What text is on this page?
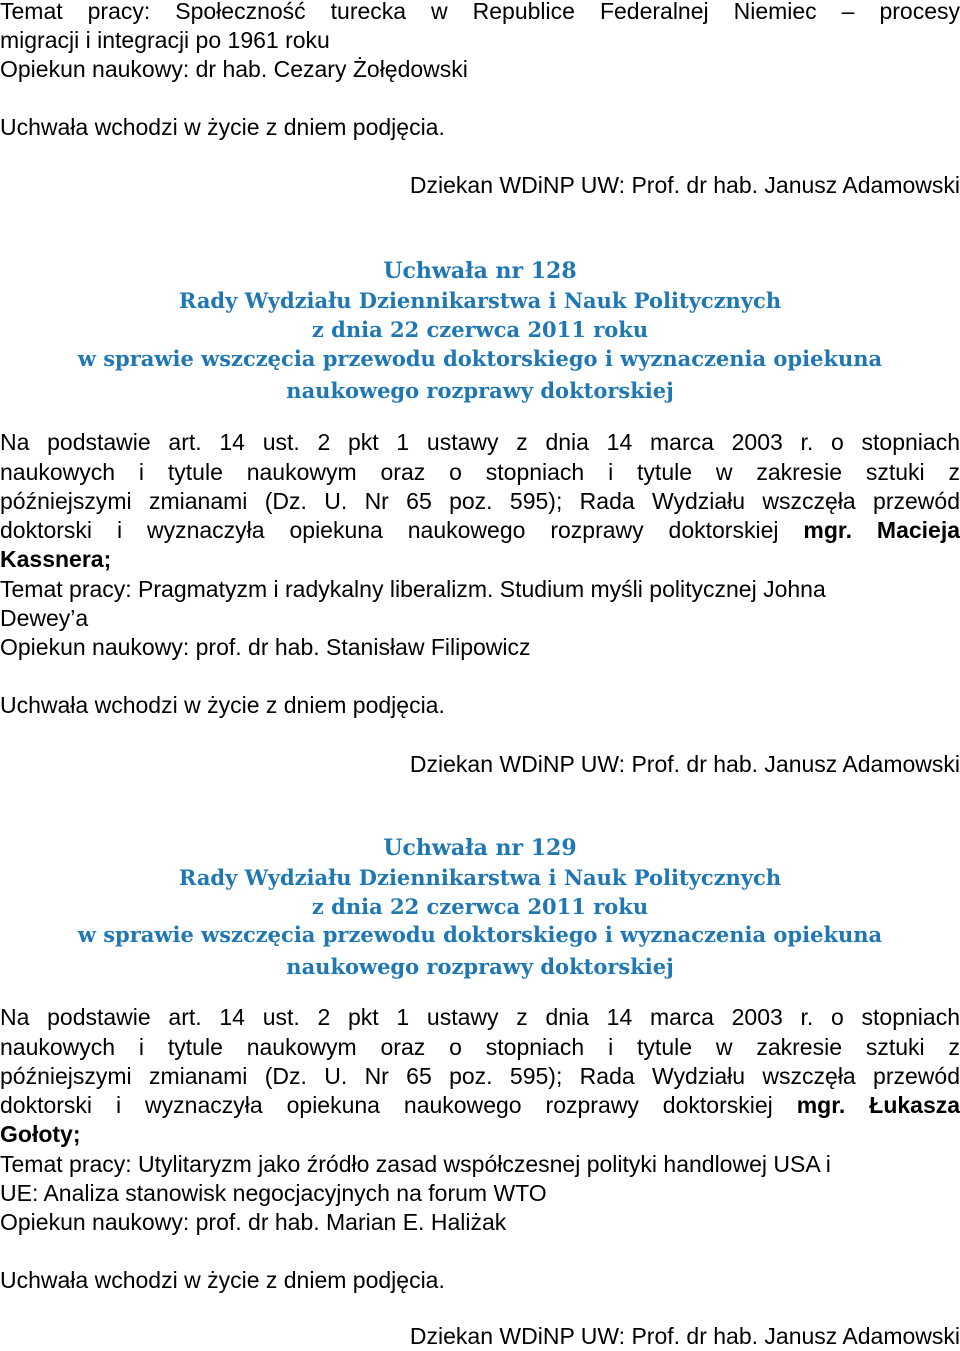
Temat pracy: Społeczność turecka w Republice Federalnej Niemiec – procesy
migracji i integracji po 1961 roku
Opiekun naukowy: dr hab. Cezary Żołędowski
Uchwała wchodzi w życie z dniem podjęcia.
Dziekan WDiNP UW: Prof. dr hab. Janusz Adamowski
Uchwała nr 128
Rady Wydziału Dziennikarstwa i Nauk Politycznych
z dnia 22 czerwca 2011 roku
w sprawie wszczęcia przewodu doktorskiego i wyznaczenia opiekuna
naukowego rozprawy doktorskiej
Na podstawie art. 14 ust. 2 pkt 1 ustawy z dnia 14 marca 2003 r. o stopniach
naukowych i tytule naukowym oraz o stopniach i tytule w zakresie sztuki z
późniejszymi zmianami (Dz. U. Nr 65 poz. 595); Rada Wydziału wszczęła przewód
doktorski i wyznaczyła opiekuna naukowego rozprawy doktorskiej mgr. Macieja
Kassnera;
Temat pracy: Pragmatyzm i radykalny liberalizm. Studium myśli politycznej Johna
Dewey’a
Opiekun naukowy: prof. dr hab. Stanisław Filipowicz
Uchwała wchodzi w życie z dniem podjęcia.
Dziekan WDiNP UW: Prof. dr hab. Janusz Adamowski
Uchwała nr 129
Rady Wydziału Dziennikarstwa i Nauk Politycznych
z dnia 22 czerwca 2011 roku
w sprawie wszczęcia przewodu doktorskiego i wyznaczenia opiekuna
naukowego rozprawy doktorskiej
Na podstawie art. 14 ust. 2 pkt 1 ustawy z dnia 14 marca 2003 r. o stopniach
naukowych i tytule naukowym oraz o stopniach i tytule w zakresie sztuki z
późniejszymi zmianami (Dz. U. Nr 65 poz. 595); Rada Wydziału wszczęła przewód
doktorski i wyznaczyła opiekuna naukowego rozprawy doktorskiej mgr. Łukasza
Gołoty;
Temat pracy: Utylitaryzm jako źródło zasad współczesnej polityki handlowej USA i
UE: Analiza stanowisk negocjacyjnych na forum WTO
Opiekun naukowy: prof. dr hab. Marian E. Haliżak
Uchwała wchodzi w życie z dniem podjęcia.
Dziekan WDiNP UW: Prof. dr hab. Janusz Adamowski
